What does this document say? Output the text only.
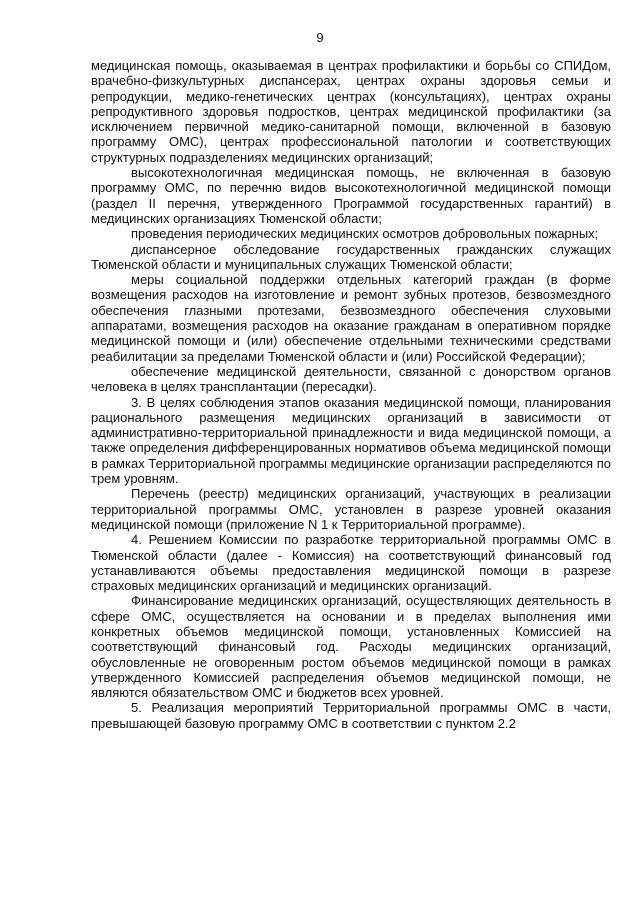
9

медицинская помощь, оказываемая в центрах профилактики и борьбы со СПИДом, врачебно-физкультурных диспансерах, центрах охраны здоровья семьи и репродукции, медико-генетических центрах (консультациях), центрах охраны репродуктивного здоровья подростков, центрах медицинской профилактики (за исключением первичной медико-санитарной помощи, включенной в базовую программу ОМС), центрах профессиональной патологии и соответствующих структурных подразделениях медицинских организаций;

высокотехнологичная медицинская помощь, не включенная в базовую программу ОМС, по перечню видов высокотехнологичной медицинской помощи (раздел II перечня, утвержденного Программой государственных гарантий) в медицинских организациях Тюменской области;

проведения периодических медицинских осмотров добровольных пожарных;

диспансерное обследование государственных гражданских служащих Тюменской области и муниципальных служащих Тюменской области;

меры социальной поддержки отдельных категорий граждан (в форме возмещения расходов на изготовление и ремонт зубных протезов, безвозмездного обеспечения глазными протезами, безвозмездного обеспечения слуховыми аппаратами, возмещения расходов на оказание гражданам в оперативном порядке медицинской помощи и (или) обеспечение отдельными техническими средствами реабилитации за пределами Тюменской области и (или) Российской Федерации);

обеспечение медицинской деятельности, связанной с донорством органов человека в целях трансплантации (пересадки).

3. В целях соблюдения этапов оказания медицинской помощи, планирования рационального размещения медицинских организаций в зависимости от административно-территориальной принадлежности и вида медицинской помощи, а также определения дифференцированных нормативов объема медицинской помощи в рамках Территориальной программы медицинские организации распределяются по трем уровням.

Перечень (реестр) медицинских организаций, участвующих в реализации территориальной программы ОМС, установлен в разрезе уровней оказания медицинской помощи (приложение N 1 к Территориальной программе).

4. Решением Комиссии по разработке территориальной программы ОМС в Тюменской области (далее - Комиссия) на соответствующий финансовый год устанавливаются объемы предоставления медицинской помощи в разрезе страховых медицинских организаций и медицинских организаций.

Финансирование медицинских организаций, осуществляющих деятельность в сфере ОМС, осуществляется на основании и в пределах выполнения ими конкретных объемов медицинской помощи, установленных Комиссией на соответствующий финансовый год. Расходы медицинских организаций, обусловленные не оговоренным ростом объемов медицинской помощи в рамках утвержденного Комиссией распределения объемов медицинской помощи, не являются обязательством ОМС и бюджетов всех уровней.

5. Реализация мероприятий Территориальной программы ОМС в части, превышающей базовую программу ОМС в соответствии с пунктом 2.2
